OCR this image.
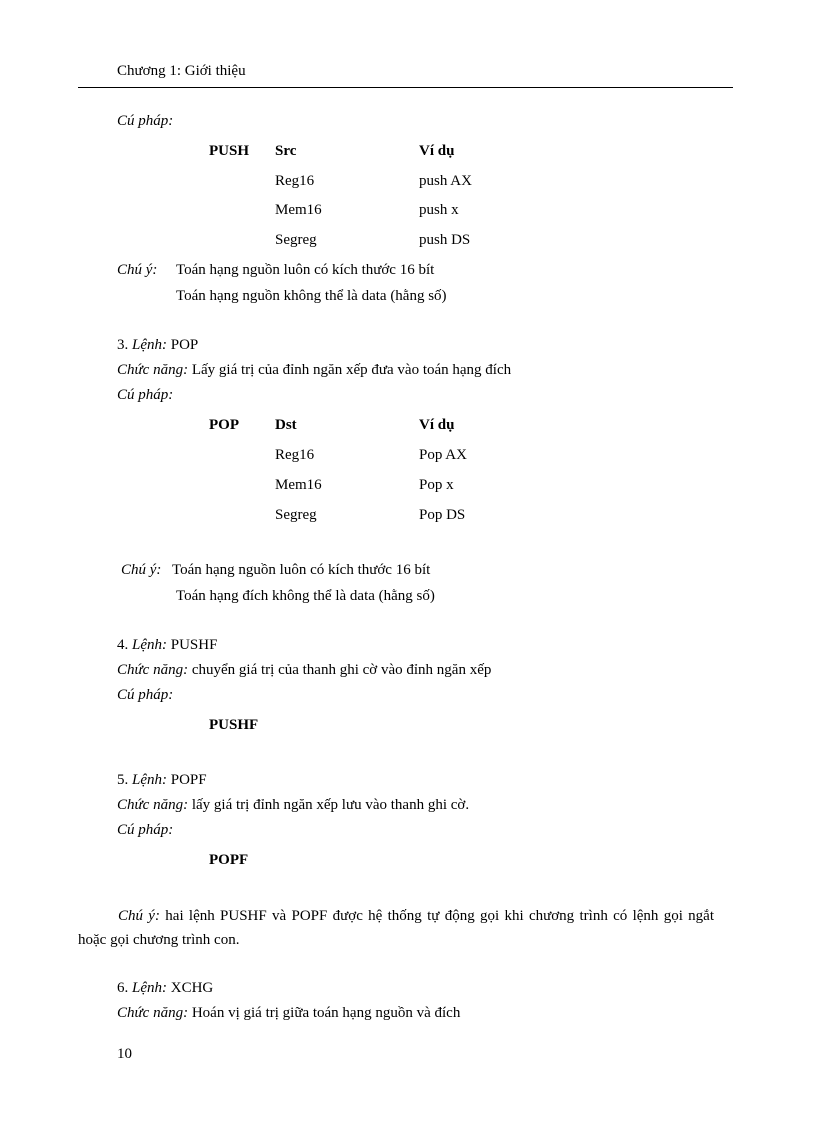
Chương 1: Giới thiệu
Cú pháp:
PUSH Src	Ví dụ
Reg16	push AX
Mem16	push x
Segreg	push DS
Chú ý: Toán hạng nguồn luôn có kích thước 16 bít
Toán hạng nguồn không thể là data (hằng số)
3. Lệnh: POP
Chức năng: Lấy giá trị của đỉnh ngăn xếp đưa vào toán hạng đích
Cú pháp:
POP Dst	Ví dụ
Reg16	Pop AX
Mem16	Pop x
Segreg	Pop DS
Chú ý: Toán hạng nguồn luôn có kích thước 16 bít
Toán hạng đích không thể là data (hằng số)
4. Lệnh: PUSHF
Chức năng: chuyển giá trị của thanh ghi cờ vào đỉnh ngăn xếp
Cú pháp:
PUSHF
5. Lệnh: POPF
Chức năng: lấy giá trị đỉnh ngăn xếp lưu vào thanh ghi cờ.
Cú pháp:
POPF
Chú ý: hai lệnh PUSHF và POPF được hệ thống tự động gọi khi chương trình có lệnh gọi ngắt hoặc gọi chương trình con.
6. Lệnh: XCHG
Chức năng: Hoán vị giá trị giữa toán hạng nguồn và đích
10
